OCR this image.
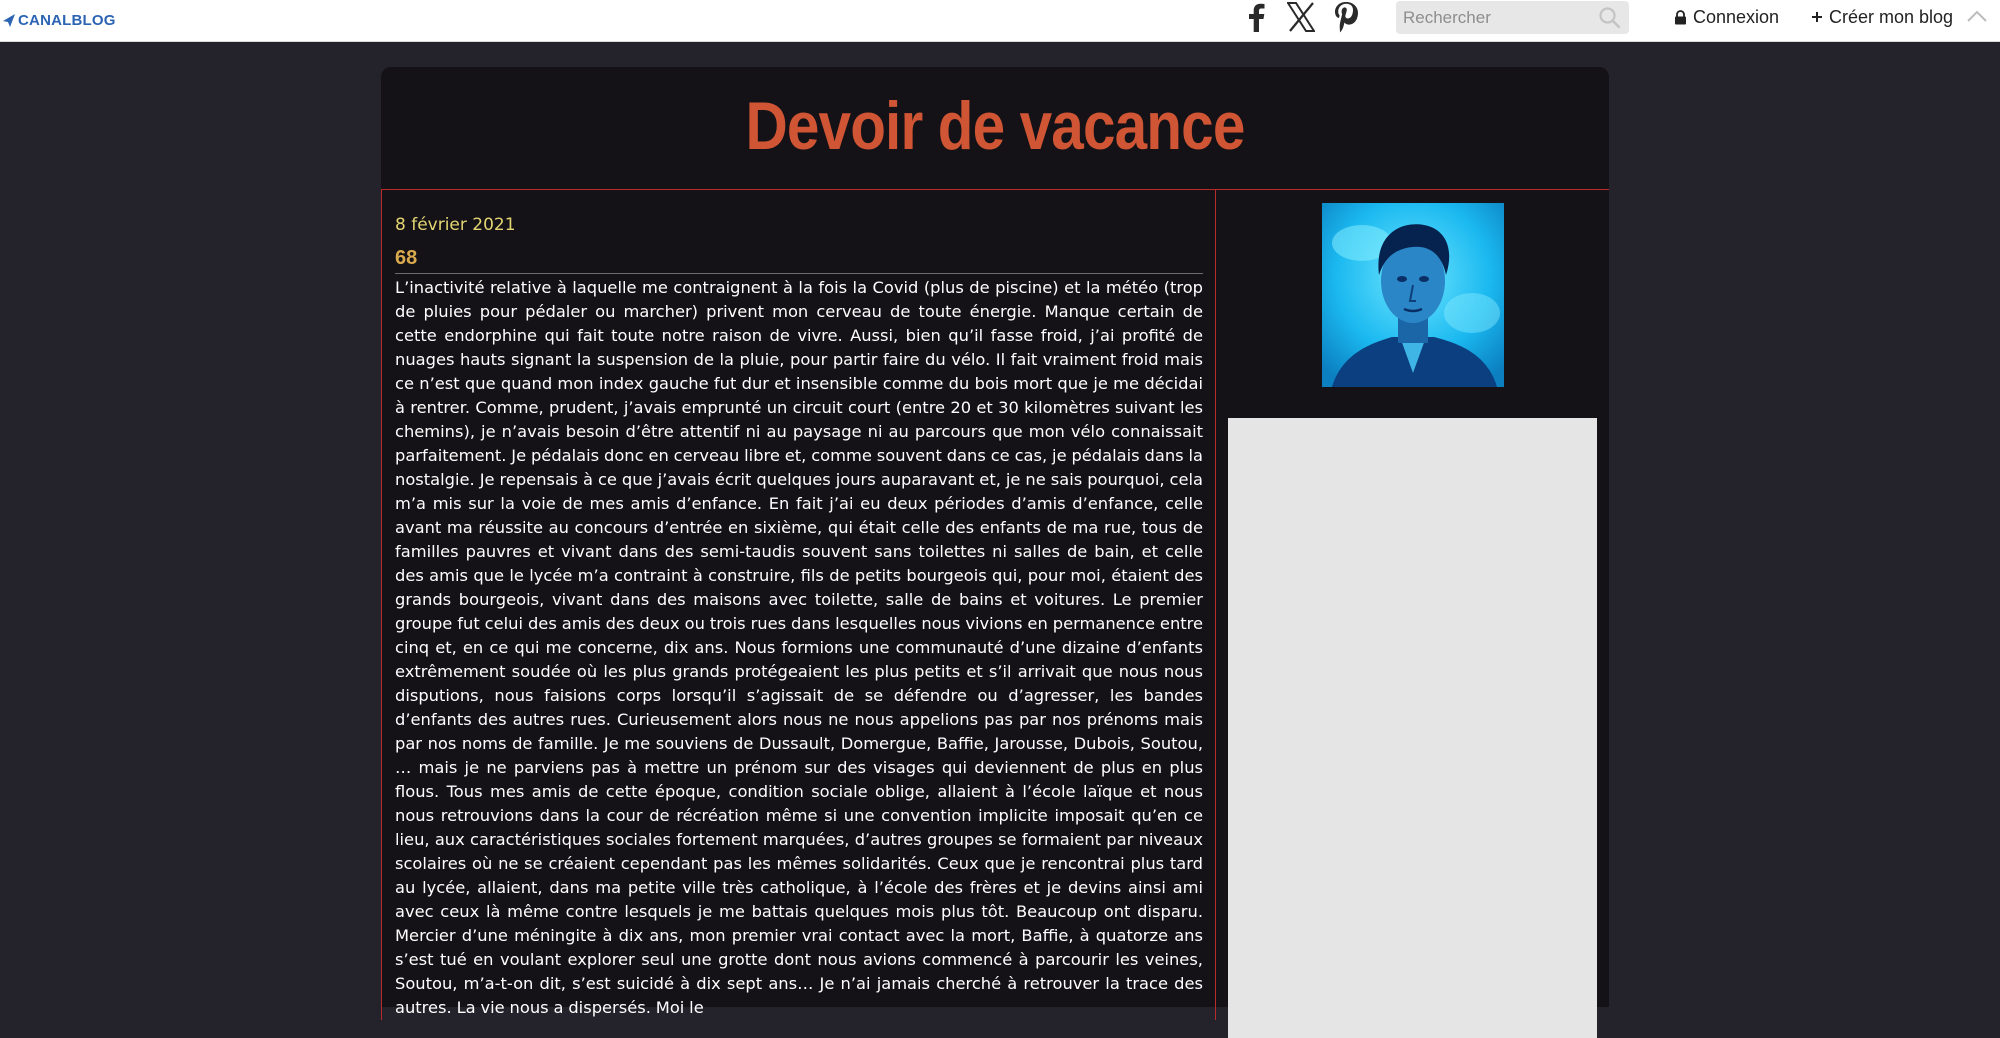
CANALBLOG
Rechercher	Connexion	Créer mon blog
Devoir de vacance
8 février 2021
68
L’inactivité relative à laquelle me contraignent à la fois la Covid (plus de piscine) et la météo (trop de pluies pour pédaler ou marcher) privent mon cerveau de toute énergie. Manque certain de cette endorphine qui fait toute notre raison de vivre. Aussi, bien qu’il fasse froid, j’ai profité de nuages hauts signant la suspension de la pluie, pour partir faire du vélo. Il fait vraiment froid mais ce n’est que quand mon index gauche fut dur et insensible comme du bois mort que je me décidai à rentrer. Comme, prudent, j’avais emprunté un circuit court (entre 20 et 30 kilomètres suivant les chemins), je n’avais besoin d’être attentif ni au paysage ni au parcours que mon vélo connaissait parfaitement. Je pédalais donc en cerveau libre et, comme souvent dans ce cas, je pédalais dans la nostalgie. Je repensais à ce que j’avais écrit quelques jours auparavant et, je ne sais pourquoi, cela m’a mis sur la voie de mes amis d’enfance. En fait j’ai eu deux périodes d’amis d’enfance, celle avant ma réussite au concours d’entrée en sixième, qui était celle des enfants de ma rue, tous de familles pauvres et vivant dans des semi-taudis souvent sans toilettes ni salles de bain, et celle des amis que le lycée m’a contraint à construire, fils de petits bourgeois qui, pour moi, étaient des grands bourgeois, vivant dans des maisons avec toilette, salle de bains et voitures. Le premier groupe fut celui des amis des deux ou trois rues dans lesquelles nous vivions en permanence entre cinq et, en ce qui me concerne, dix ans. Nous formions une communauté d’une dizaine d’enfants extrêmement soudée où les plus grands protégeaient les plus petits et s’il arrivait que nous nous disputions, nous faisions corps lorsqu’il s’agissait de se défendre ou d’agresser, les bandes d’enfants des autres rues. Curieusement alors nous ne nous appelions pas par nos prénoms mais par nos noms de famille. Je me souviens de Dussault, Domergue, Baffie, Jarousse, Dubois, Soutou, … mais je ne parviens pas à mettre un prénom sur des visages qui deviennent de plus en plus flous. Tous mes amis de cette époque, condition sociale oblige, allaient à l’école laïque et nous nous retrouvions dans la cour de récréation même si une convention implicite imposait qu’en ce lieu, aux caractéristiques sociales fortement marquées, d’autres groupes se formaient par niveaux scolaires où ne se créaient cependant pas les mêmes solidarités. Ceux que je rencontrai plus tard au lycée, allaient, dans ma petite ville très catholique, à l’école des frères et je devins ainsi ami avec ceux là même contre lesquels je me battais quelques mois plus tôt. Beaucoup ont disparu. Mercier d’une méningite à dix ans, mon premier vrai contact avec la mort, Baffie, à quatorze ans s’est tué en voulant explorer seul une grotte dont nous avions commencé à parcourir les veines, Soutou, m’a-t-on dit, s’est suicidé à dix sept ans… Je n’ai jamais cherché à retrouver la trace des autres. La vie nous a dispersés. Moi le
